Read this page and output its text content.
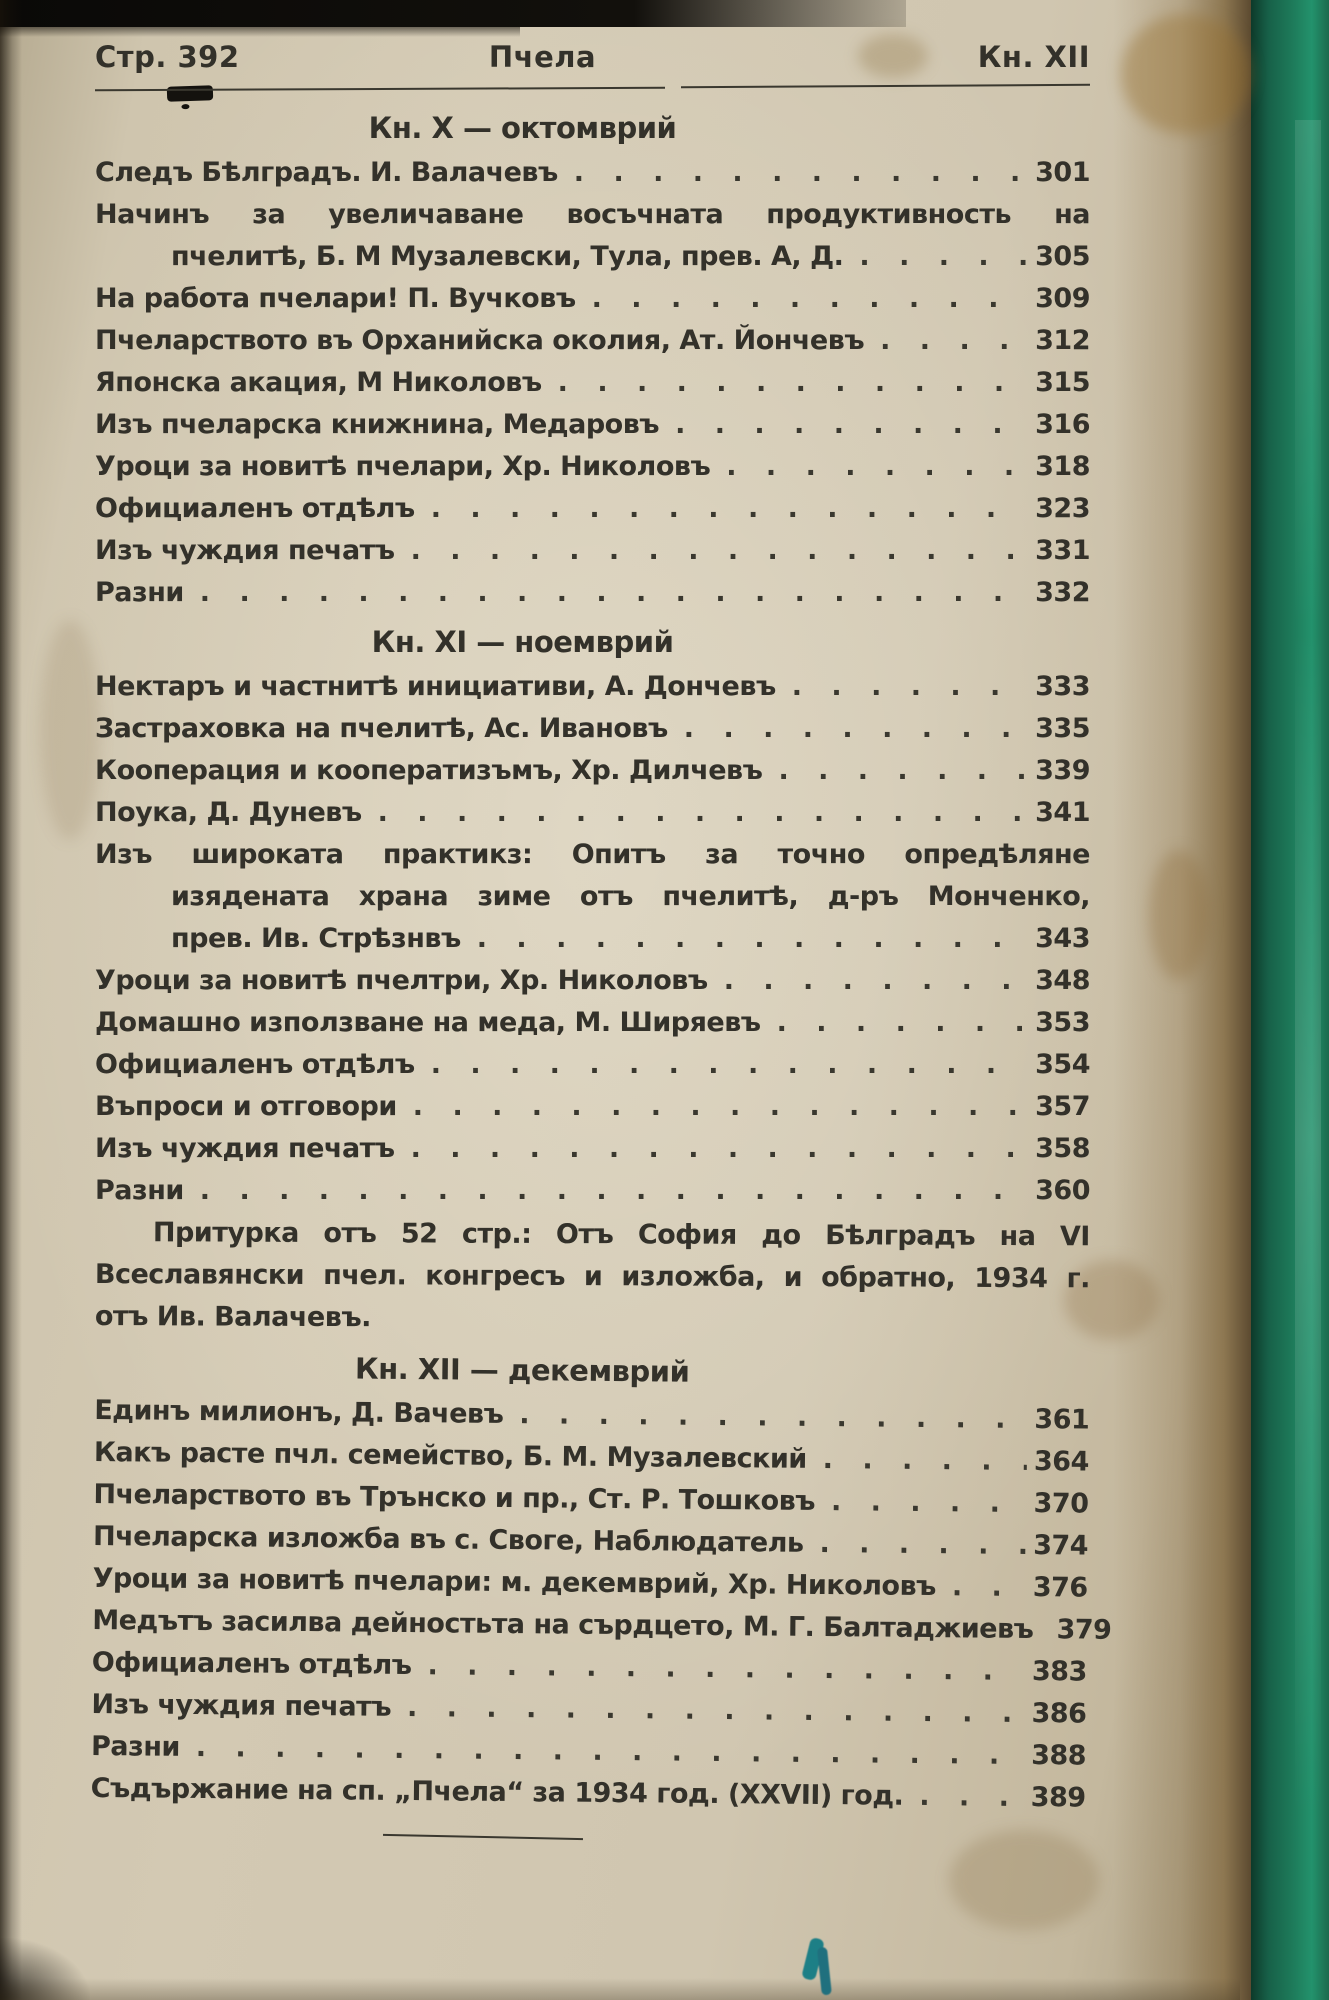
Стр. 392	Пчела	Кн. XII
Кн. X — октомврий
Следъ Бѣлградъ. И. Валачевъ . . .	301
Начинъ за увеличаване восъчната продуктивность на
пчелитѣ, Б. М Музалевски, Тула, прев. А, Д. . . .	305
На работа пчелари! П. Вучковъ . . .	309
Пчеларството въ Орханийска околия, Ат. Йончевъ . . .	312
Японска акация, М Николовъ . . .	315
Изъ пчеларска книжнина, Медаровъ . . .	316
Уроци за новитѣ пчелари, Хр. Николовъ . . .	318
Официаленъ отдѣлъ . . .	323
Изъ чуждия печатъ . . .	331
Разни . . .	332
Кн. XI — ноемврий
Нектаръ и частнитѣ инициативи, А. Дончевъ . . .	333
Застраховка на пчелитѣ, Ас. Ивановъ . . .	335
Кооперация и кооператизъмъ, Хр. Дилчевъ . . .	339
Поука, Д. Дуневъ . . .	341
Изъ широката практикз: Опитъ за точно опредѣляне
изядената храна зиме отъ пчелитѣ, д-ръ Монченко,
прев. Ив. Стрѣзнвъ . . .	343
Уроци за новитѣ пчелтри, Хр. Николовъ . . .	348
Домашно използване на меда, М. Ширяевъ . . .	353
Официаленъ отдѣлъ . . .	354
Въпроси и отговори . . .	357
Изъ чуждия печатъ . . .	358
Разни . . .	360
Притурка отъ 52 стр.: Отъ София до Бѣлградъ на VI
Всеславянски пчел. конгресъ и изложба, и обратно, 1934 г.
отъ Ив. Валачевъ.
Кн. XII — декемврий
Единъ милионъ, Д. Вачевъ . . .	361
Какъ расте пчл. семейство, Б. М. Музалевский . . .	364
Пчеларството въ Трънско и пр., Ст. Р. Тошковъ . . .	370
Пчеларска изложба въ с. Своге, Наблюдатель . . .	374
Уроци за новитѣ пчелари: м. декемврий, Хр. Николовъ . . .	376
Медътъ засилва дейностьта на сърдцето, М. Г. Балтаджиевъ . . . 379
Официаленъ отдѣлъ . . .	383
Изъ чуждия печатъ . . .	386
Разни . . .	388
Съдържание на сп. „Пчела“ за 1934 год. (XXVII) год. . . .	389
